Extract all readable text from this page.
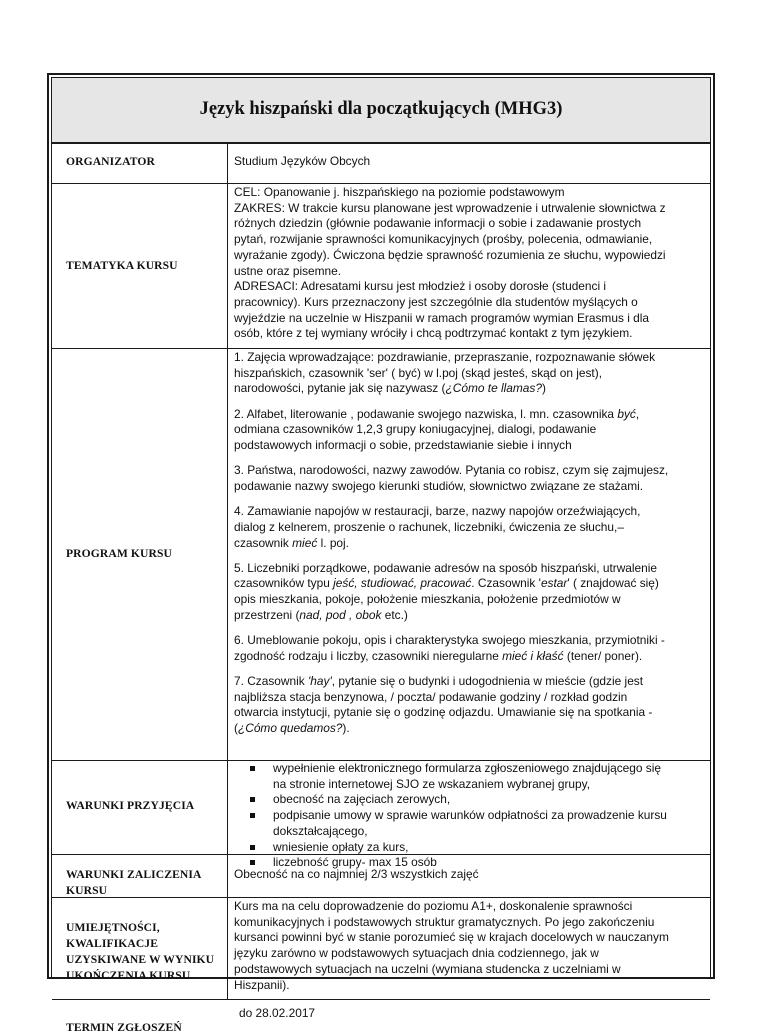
Język hiszpański dla początkujących (MHG3)
ORGANIZATOR	Studium Języków Obcych
TEMATYKA KURSU
CEL: Opanowanie j. hiszpańskiego na poziomie podstawowym
ZAKRES: W trakcie kursu planowane jest wprowadzenie i utrwalenie słownictwa z
różnych dziedzin (głównie podawanie informacji o sobie i zadawanie prostych
pytań, rozwijanie sprawności komunikacyjnych (prośby, polecenia, odmawianie,
wyrażanie zgody). Ćwiczona będzie sprawność rozumienia ze słuchu, wypowiedzi
ustne oraz pisemne.
ADRESACI: Adresatami kursu jest młodzież i osoby dorosłe (studenci i
pracownicy). Kurs przeznaczony jest szczególnie dla studentów myślących o
wyjeździe na uczelnie w Hiszpanii w ramach programów wymian Erasmus i dla
osób, które z tej wymiany wróciły i chcą podtrzymać kontakt z tym językiem.
PROGRAM KURSU
1. Zajęcia wprowadzające: pozdrawianie, przepraszanie, rozpoznawanie słówek
hiszpańskich, czasownik 'ser' ( być) w l.poj (skąd jesteś, skąd on jest),
narodowości, pytanie jak się nazywasz (¿Cómo te llamas?)
2. Alfabet, literowanie , podawanie swojego nazwiska, l. mn. czasownika być,
odmiana czasowników 1,2,3 grupy koniugacyjnej, dialogi, podawanie
podstawowych informacji o sobie, przedstawianie siebie i innych
3. Państwa, narodowości, nazwy zawodów. Pytania co robisz, czym się zajmujesz,
podawanie nazwy swojego kierunki studiów, słownictwo związane ze stażami.
4. Zamawianie napojów w restauracji, barze, nazwy napojów orzeźwiających,
dialog z kelnerem, proszenie o rachunek, liczebniki, ćwiczenia ze słuchu,–
czasownik mieć l. poj.
5. Liczebniki porządkowe, podawanie adresów na sposób hiszpański, utrwalenie
czasowników typu jeść, studiować, pracować. Czasownik 'estar' ( znajdować się)
opis mieszkania, pokoje, położenie mieszkania, położenie przedmiotów w
przestrzeni (nad, pod , obok etc.)
6. Umeblowanie pokoju, opis i charakterystyka swojego mieszkania, przymiotniki -
zgodność rodzaju i liczby, czasowniki nieregularne mieć i kłaść (tener/ poner).
7. Czasownik 'hay', pytanie się o budynki i udogodnienia w mieście (gdzie jest
najbliższa stacja benzynowa, / poczta/ podawanie godziny / rozkład godzin
otwarcia instytucji, pytanie się o godzinę odjazdu. Umawianie się na spotkania -
(¿Cómo quedamos?).
WARUNKI PRZYJĘCIA
wypełnienie elektronicznego formularza zgłoszeniowego znajdującego się
na stronie internetowej SJO ze wskazaniem wybranej grupy,
obecność na zajęciach zerowych,
podpisanie umowy w sprawie warunków odpłatności za prowadzenie kursu
dokształcającego,
wniesienie opłaty za kurs,
liczebność grupy- max 15 osób
WARUNKI ZALICZENIA
KURSU
Obecność na co najmniej 2/3 wszystkich zajęć
UMIEJĘTNOŚCI,
KWALIFIKACJE
UZYSKIWANE W WYNIKU
UKOŃCZENIA KURSU
Kurs ma na celu doprowadzenie do poziomu A1+, doskonalenie sprawności
komunikacyjnych i podstawowych struktur gramatycznych. Po jego zakończeniu
kursanci powinni być w stanie porozumieć się w krajach docelowych w nauczanym
języku zarówno w podstawowych sytuacjach dnia codziennego, jak w
podstawowych sytuacjach na uczelni (wymiana studencka z uczelniami w
Hiszpanii).
TERMIN ZGŁOSZEŃ
do 28.02.2017
